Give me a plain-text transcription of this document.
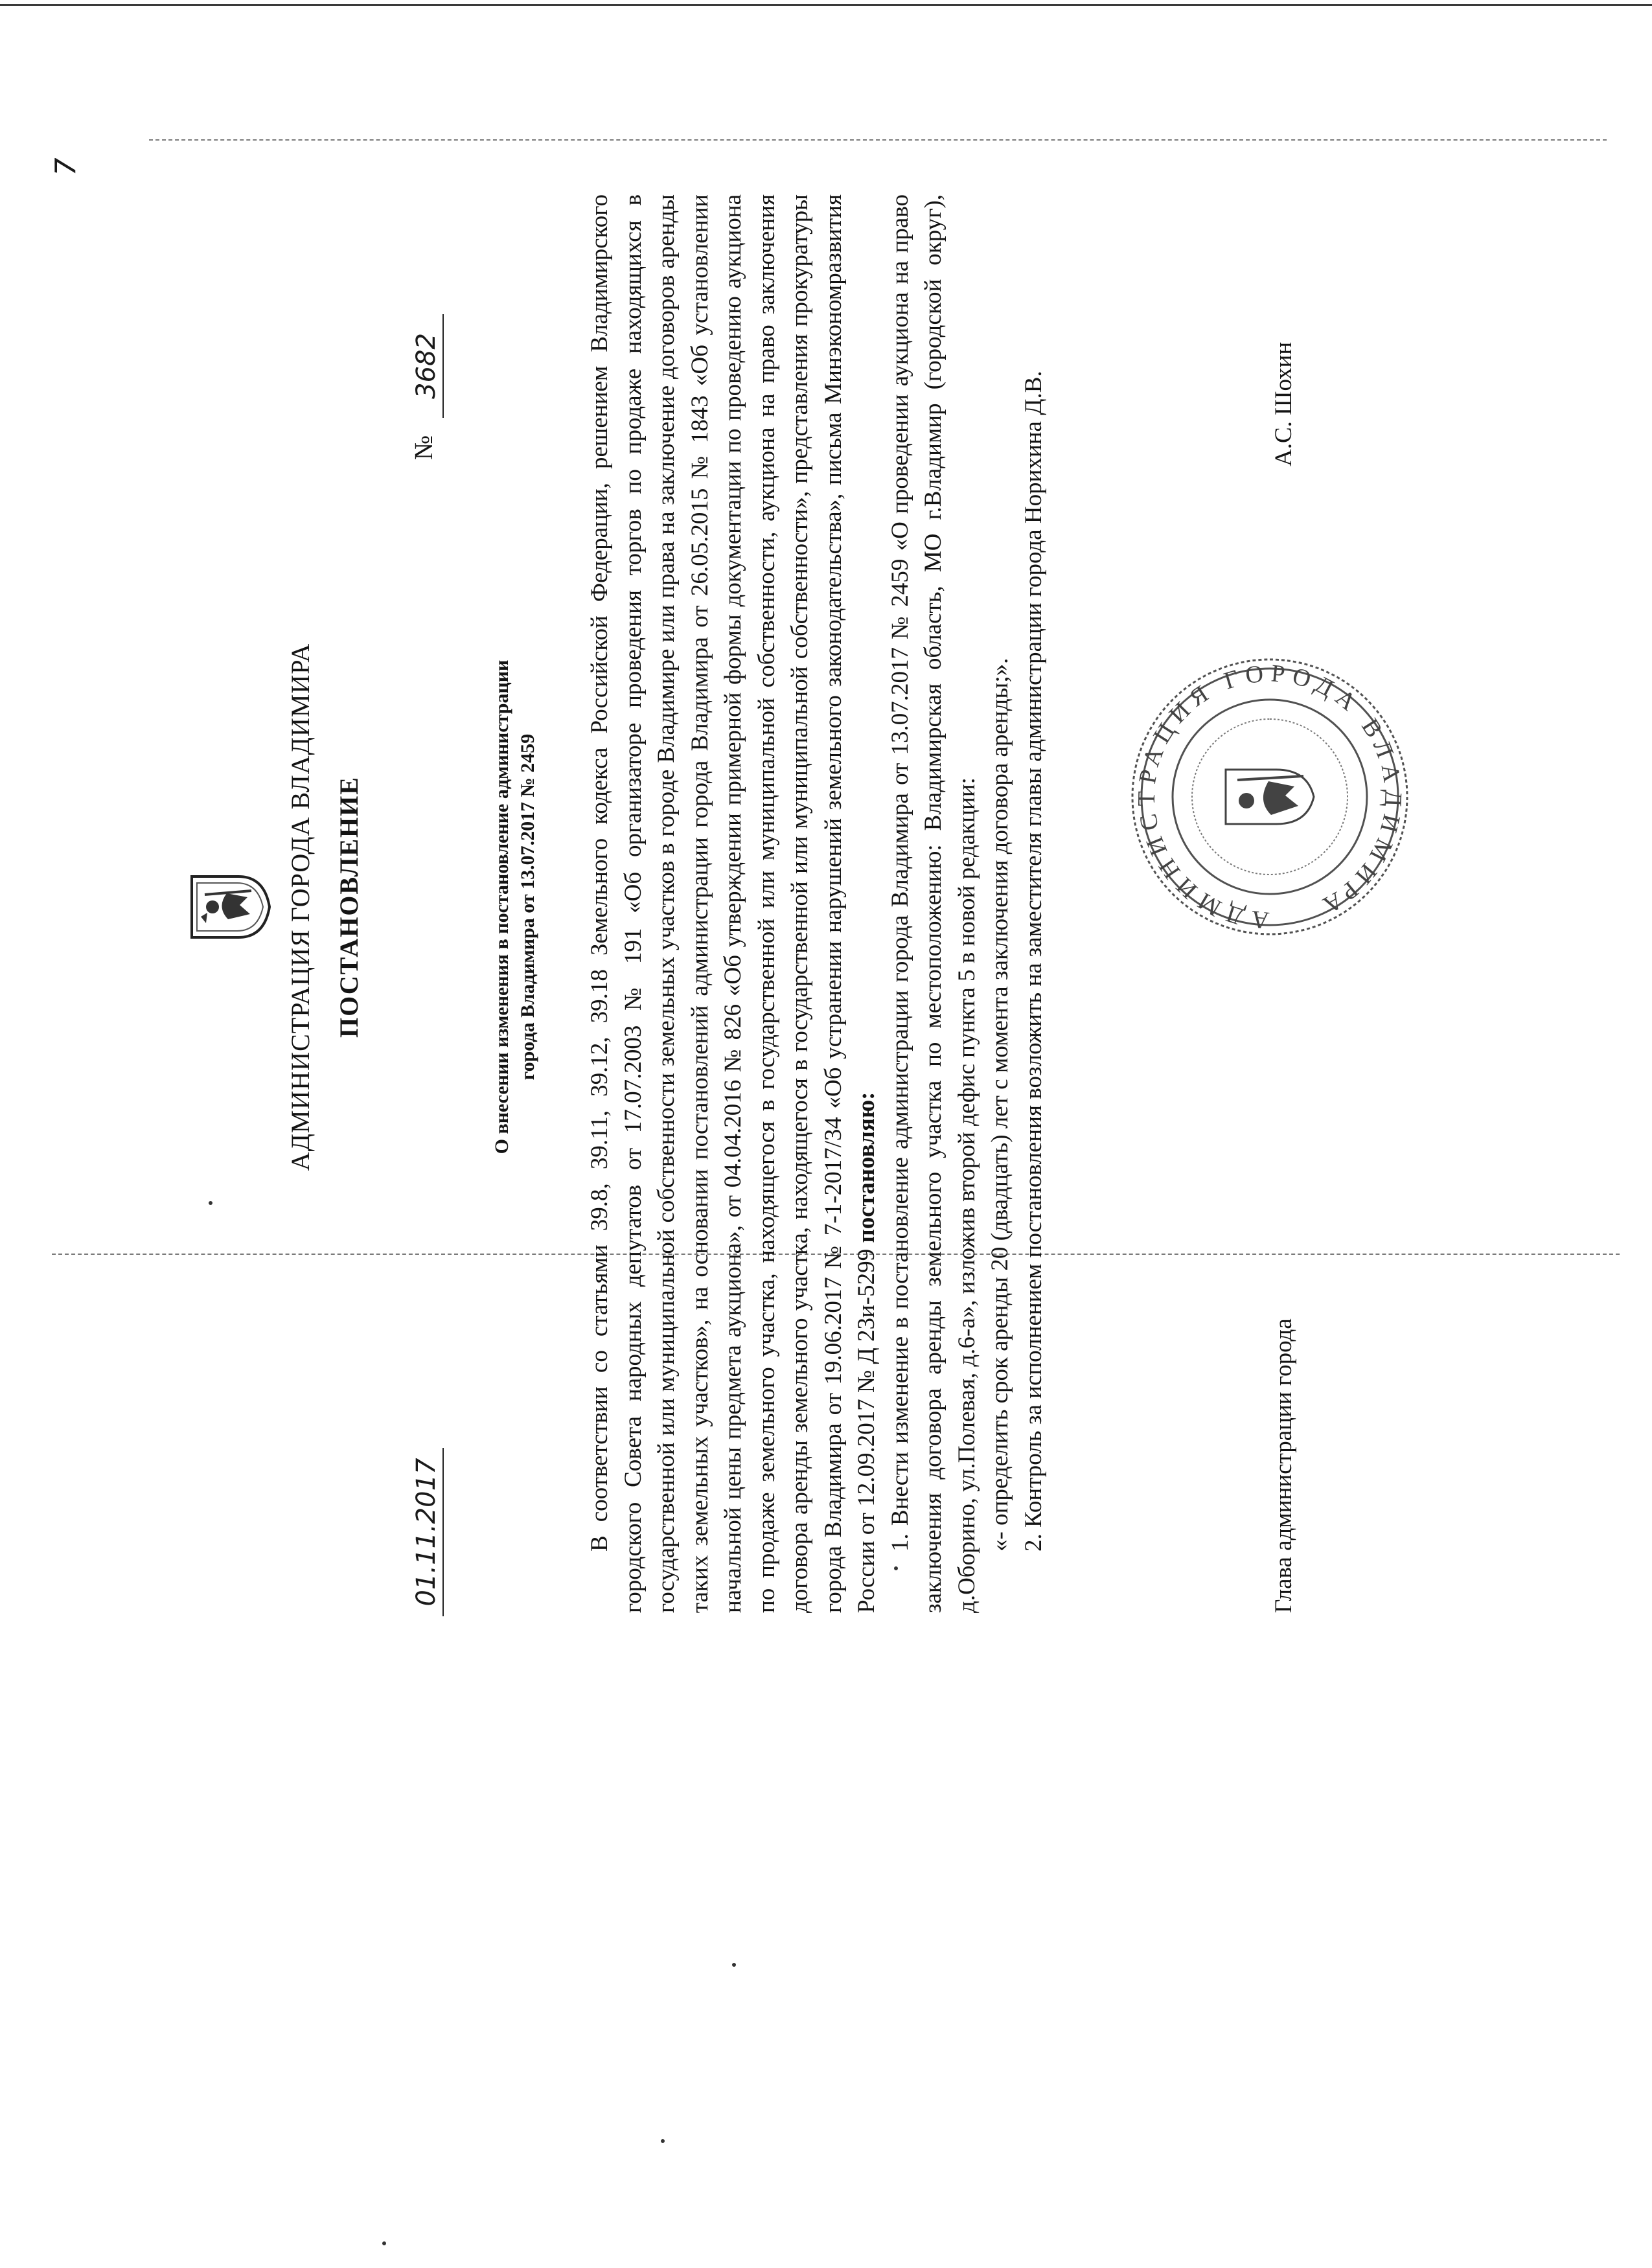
7
АДМИНИСТРАЦИЯ ГОРОДА ВЛАДИМИРА ПОСТАНОВЛЕНИЕ
01.11.2017
№
3682
О внесении изменения в постановление администрации города Владимира от 13.07.2017 № 2459 В соответствии со статьями 39.8, 39.11, 39.12, 39.18 Земельного кодекса Российской Федерации, решением Владимирского городского Совета народных депутатов от 17.07.2003 № 191 «Об организаторе проведения торгов по продаже находящихся в государственной или муниципальной собственности земельных участков в городе Владимире или права на заключение договоров аренды таких земельных участков», на основании постановлений администрации города Владимира от 26.05.2015 № 1843 «Об установлении начальной цены предмета аукциона», от 04.04.2016 № 826 «Об утверждении примерной формы документации по проведению аукциона по продаже земельного участка, находящегося в государственной или муниципальной собственности, аукциона на право заключения договора аренды земельного участка, находящегося в государственной или муниципальной собственности», представления прокуратуры города Владимира от 19.06.2017 № 7-1-2017/34 «Об устранении нарушений земельного законодательства», письма Минэкономразвития России от 12.09.2017 № Д 23и-5299 постановляю: 1. Внести изменение в постановление администрации города Владимира от 13.07.2017 № 2459 «О проведении аукциона на право заключения договора аренды земельного участка по местоположению: Владимирская область, МО г.Владимир (городской округ), д.Оборино, ул.Полевая, д.6-а», изложив второй дефис пункта 5 в новой редакции: «- определить срок аренды 20 (двадцать) лет с момента заключения договора аренды;». 2. Контроль за исполнением постановления возложить на заместителя главы администрации города Норихина Д.В.	АДМИНИСТРАЦИЯ ГОРОДА ВЛАДИМИРА
Глава администрации города
А.С. Шохин
